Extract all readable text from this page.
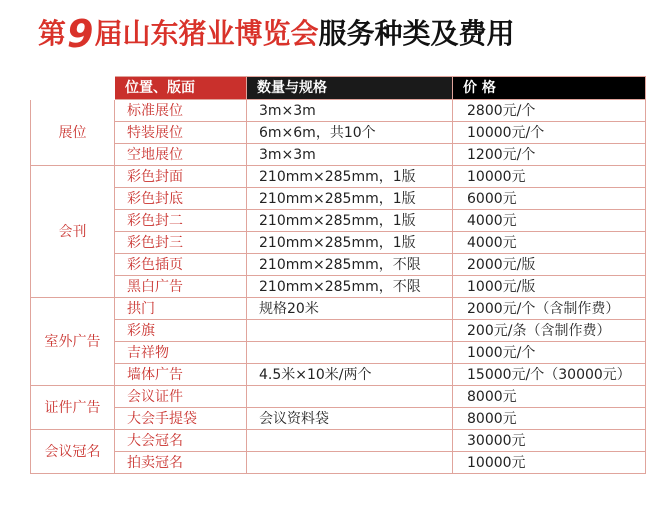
第 9 届山东猪业博览会 服务种类及费用
	位置、版面	数量与规格	价 格
展位	标准展位	3m×3m	2800元/个
	特装展位	6m×6m，共10个	10000元/个
	空地展位	3m×3m	1200元/个
会刊	彩色封面	210mm×285mm，1版	10000元
	彩色封底	210mm×285mm，1版	6000元
	彩色封二	210mm×285mm，1版	4000元
	彩色封三	210mm×285mm，1版	4000元
	彩色插页	210mm×285mm，不限	2000元/版
	黑白广告	210mm×285mm，不限	1000元/版
室外广告	拱门	规格20米	2000元/个（含制作费）
	彩旗		200元/条（含制作费）
	吉祥物		1000元/个
	墙体广告	4.5米×10米/两个	15000元/个（30000元）
证件广告	会议证件		8000元
	大会手提袋	会议资料袋	8000元
会议冠名	大会冠名		30000元
	拍卖冠名		10000元
